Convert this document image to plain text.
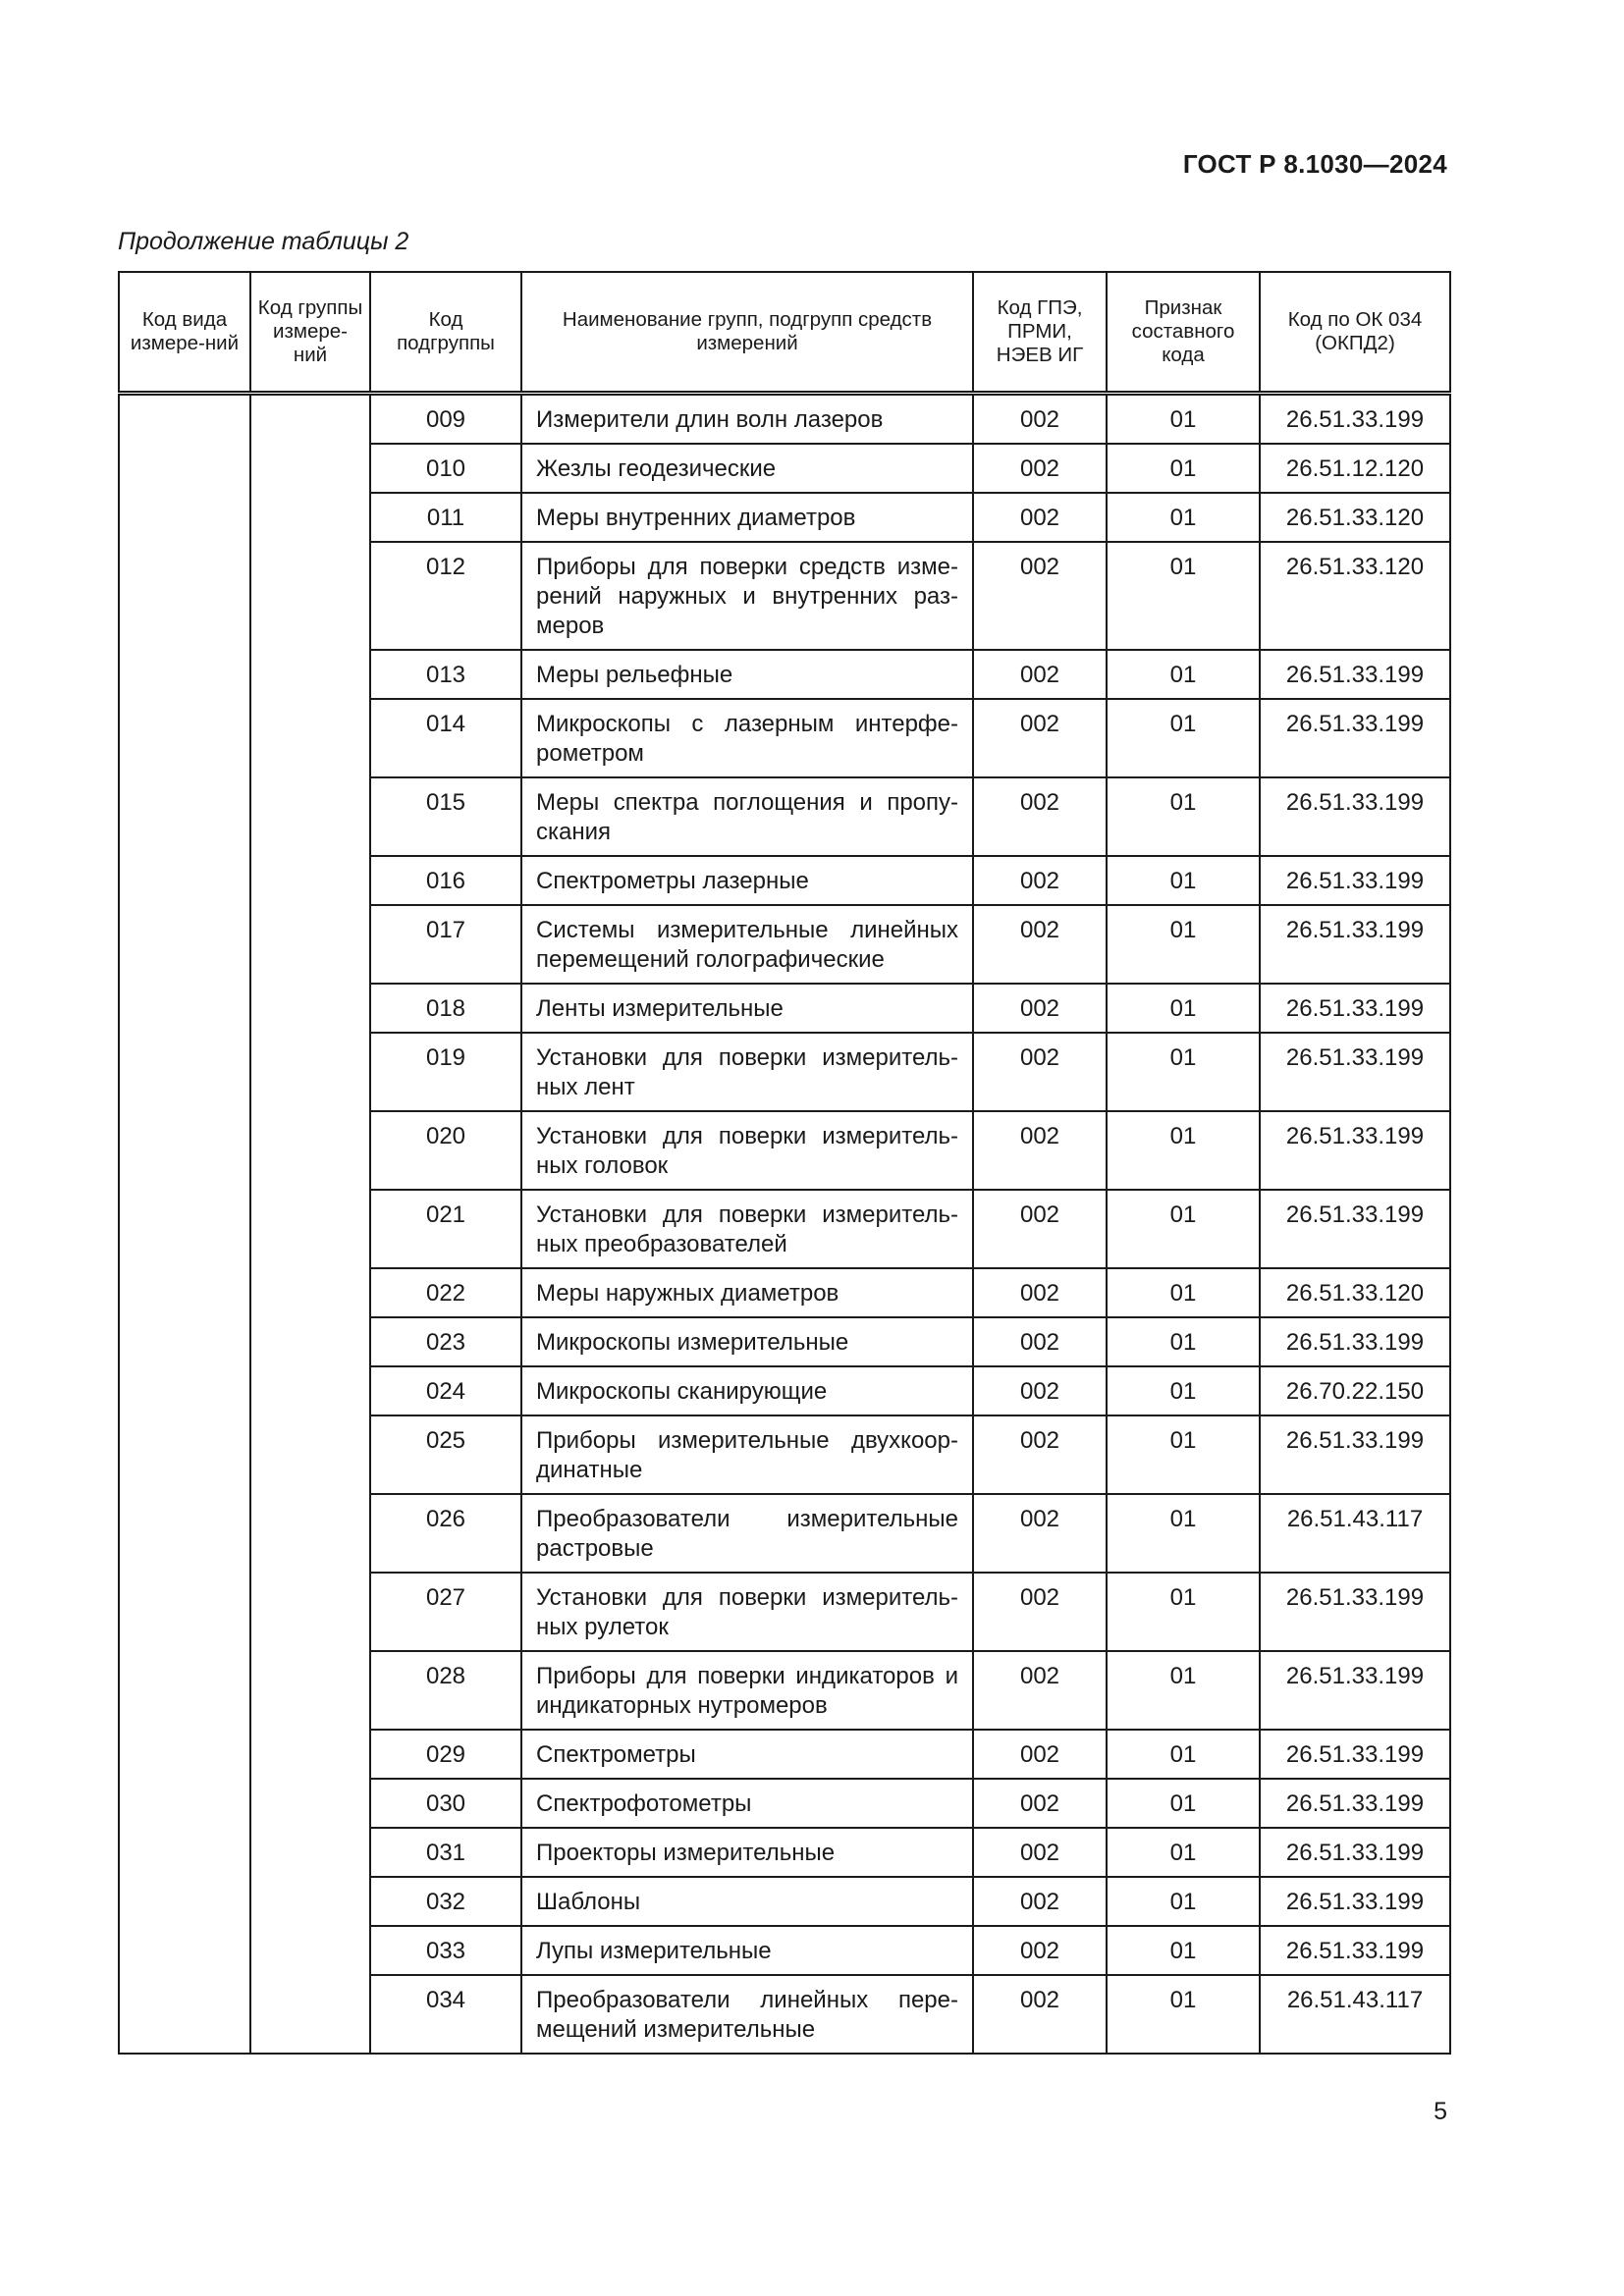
ГОСТ Р 8.1030—2024
Продолжение таблицы 2
Код вида измере-ний	Код группы измере-ний	Код подгруппы	Наименование групп, подгрупп средств измерений	Код ГПЭ, ПРМИ, НЭЕВ ИГ	Признак составного кода	Код по ОК 034 (ОКПД2)
		009	Измерители длин волн лазеров	002	01	26.51.33.199
		010	Жезлы геодезические	002	01	26.51.12.120
		011	Меры внутренних диаметров	002	01	26.51.33.120
		012	Приборы для поверки средств изме-рений наружных и внутренних раз-меров	002	01	26.51.33.120
		013	Меры рельефные	002	01	26.51.33.199
		014	Микроскопы с лазерным интерфе-рометром	002	01	26.51.33.199
		015	Меры спектра поглощения и пропу-скания	002	01	26.51.33.199
		016	Спектрометры лазерные	002	01	26.51.33.199
		017	Системы измерительные линейных перемещений голографические	002	01	26.51.33.199
		018	Ленты измерительные	002	01	26.51.33.199
		019	Установки для поверки измеритель-ных лент	002	01	26.51.33.199
		020	Установки для поверки измеритель-ных головок	002	01	26.51.33.199
		021	Установки для поверки измеритель-ных преобразователей	002	01	26.51.33.199
		022	Меры наружных диаметров	002	01	26.51.33.120
		023	Микроскопы измерительные	002	01	26.51.33.199
		024	Микроскопы сканирующие	002	01	26.70.22.150
		025	Приборы измерительные двухкоор-динатные	002	01	26.51.33.199
		026	Преобразователи измерительные растровые	002	01	26.51.43.117
		027	Установки для поверки измеритель-ных рулеток	002	01	26.51.33.199
		028	Приборы для поверки индикаторов и индикаторных нутромеров	002	01	26.51.33.199
		029	Спектрометры	002	01	26.51.33.199
		030	Спектрофотометры	002	01	26.51.33.199
		031	Проекторы измерительные	002	01	26.51.33.199
		032	Шаблоны	002	01	26.51.33.199
		033	Лупы измерительные	002	01	26.51.33.199
		034	Преобразователи линейных пере-мещений измерительные	002	01	26.51.43.117
5
